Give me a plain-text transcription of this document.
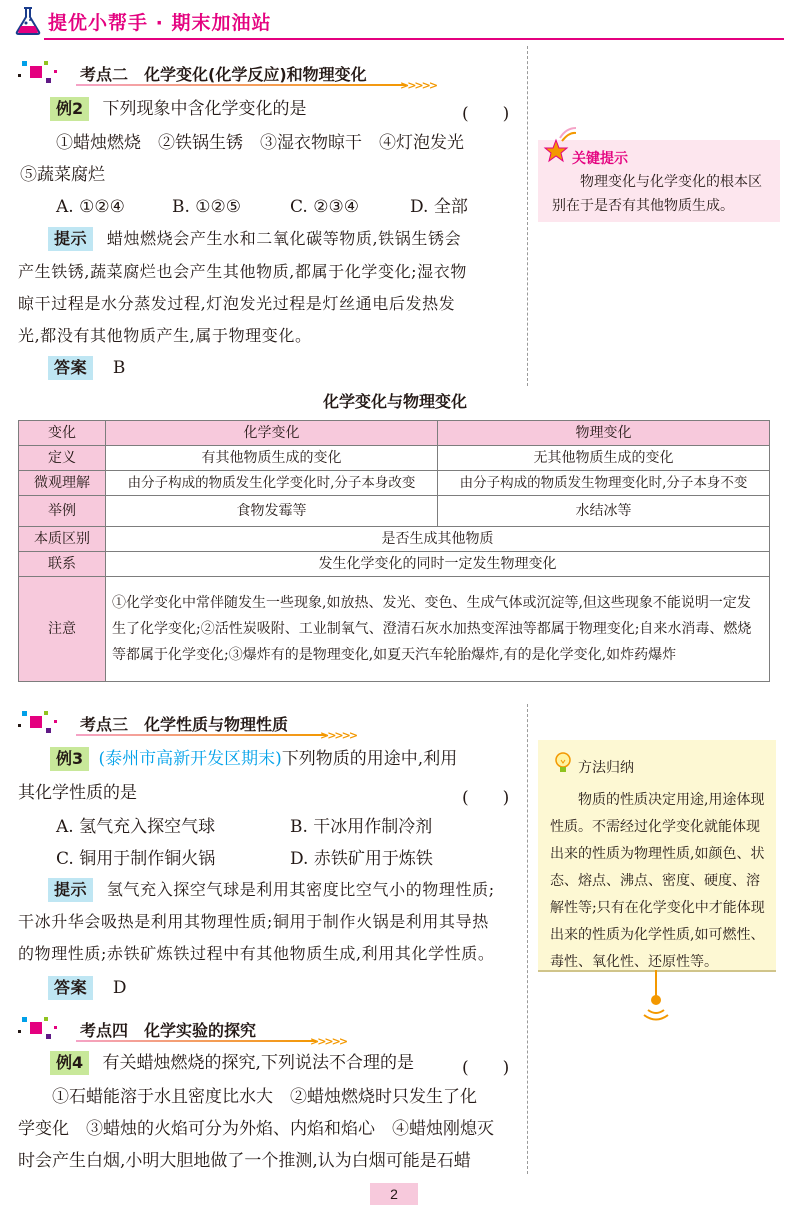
提优小帮手 · 期末加油站
考点二　化学变化(化学反应)和物理变化
>>>>>
例2 下列现象中含化学变化的是	(　　)
①蜡烛燃烧　②铁锅生锈　③湿衣物晾干　④灯泡发光
⑤蔬菜腐烂
A. ①②④	B. ①②⑤	C. ②③④	D. 全部
提示 蜡烛燃烧会产生水和二氧化碳等物质,铁锅生锈会
产生铁锈,蔬菜腐烂也会产生其他物质,都属于化学变化;湿衣物
晾干过程是水分蒸发过程,灯泡发光过程是灯丝通电后发热发
光,都没有其他物质产生,属于物理变化。
答案 B
关键提示
物理变化与化学变化的根本区别在于是否有其他物质生成。
化学变化与物理变化
变化	化学变化	物理变化
定义	有其他物质生成的变化	无其他物质生成的变化
微观理解	由分子构成的物质发生化学变化时,分子本身改变	由分子构成的物质发生物理变化时,分子本身不变
举例	食物发霉等	水结冰等
本质区别	是否生成其他物质	
联系	发生化学变化的同时一定发生物理变化	
注意	①化学变化中常伴随发生一些现象,如放热、发光、变色、生成气体或沉淀等,但这些现象不能说明一定发生了化学变化;②活性炭吸附、工业制氧气、澄清石灰水加热变浑浊等都属于物理变化;自来水消毒、燃烧等都属于化学变化;③爆炸有的是物理变化,如夏天汽车轮胎爆炸,有的是化学变化,如炸药爆炸	
考点三　化学性质与物理性质
>>>>>
例3 (泰州市高新开发区期末)下列物质的用途中,利用
其化学性质的是	(　　)
A. 氢气充入探空气球	B. 干冰用作制冷剂
C. 铜用于制作铜火锅	D. 赤铁矿用于炼铁
提示 氢气充入探空气球是利用其密度比空气小的物理性质;
干冰升华会吸热是利用其物理性质;铜用于制作火锅是利用其导热
的物理性质;赤铁矿炼铁过程中有其他物质生成,利用其化学性质。
答案 D
方法归纳
物质的性质决定用途,用途体现性质。不需经过化学变化就能体现出来的性质为物理性质,如颜色、状态、熔点、沸点、密度、硬度、溶解性等;只有在化学变化中才能体现出来的性质为化学性质,如可燃性、毒性、氧化性、还原性等。
考点四　化学实验的探究
>>>>>
例4 有关蜡烛燃烧的探究,下列说法不合理的是	(　　)
①石蜡能溶于水且密度比水大　②蜡烛燃烧时只发生了化
学变化　③蜡烛的火焰可分为外焰、内焰和焰心　④蜡烛刚熄灭
时会产生白烟,小明大胆地做了一个推测,认为白烟可能是石蜡
2
